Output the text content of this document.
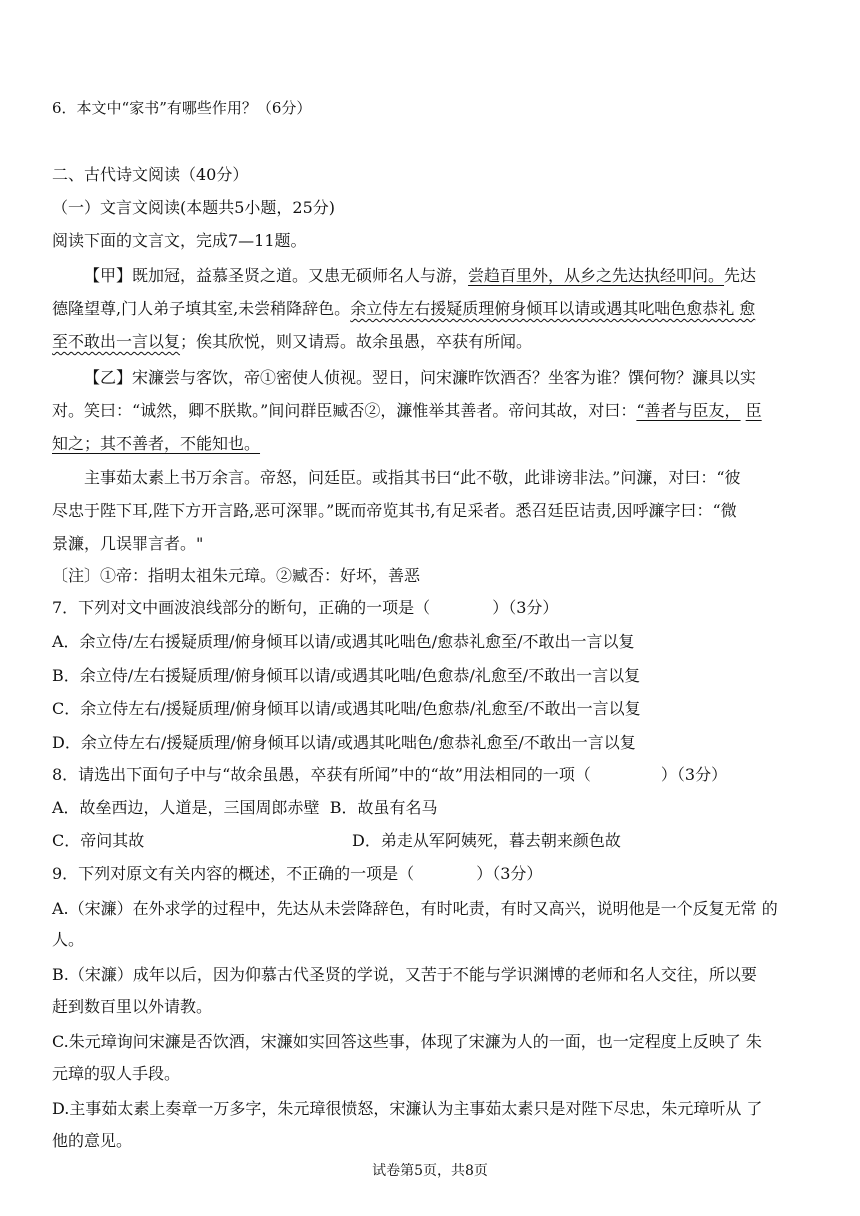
6．本文中“家书”有哪些作用？（6分）
二、古代诗文阅读（40分）
（一）文言文阅读(本题共5小题，25分)
阅读下面的文言文，完成7—11题。
【甲】既加冠，益慕圣贤之道。又患无硕师名人与游，尝趋百里外，从乡之先达执经叩问。先达
德隆望尊,门人弟子填其室,未尝稍降辞色。余立侍左右援疑质理俯身倾耳以请或遇其叱咄色愈恭礼 愈
至不敢出一言以复；俟其欣悦，则又请焉。故余虽愚，卒获有所闻。
【乙】宋濂尝与客饮，帝①密使人侦视。翌日，问宋濂昨饮酒否？坐客为谁？馔何物？濂具以实
对。笑曰：“诚然，卿不朕欺。”间问群臣臧否②，濂惟举其善者。帝问其故，对曰：“善者与臣友， 臣
知之；其不善者，不能知也。
主事茹太素上书万余言。帝怒，问廷臣。或指其书曰“此不敬，此诽谤非法。”问濂，对曰：“彼
尽忠于陛下耳,陛下方开言路,恶可深罪。”既而帝览其书,有足采者。悉召廷臣诘责,因呼濂字曰：“微
景濂，几误罪言者。"
〔注〕①帝：指明太祖朱元璋。②臧否：好坏，善恶
7．下列对文中画波浪线部分的断句，正确的一项是（	）（3分）
A．余立侍/左右援疑质理/俯身倾耳以请/或遇其叱咄色/愈恭礼愈至/不敢出一言以复
B．余立侍/左右援疑质理/俯身倾耳以请/或遇其叱咄/色愈恭/礼愈至/不敢出一言以复
C．余立侍左右/援疑质理/俯身倾耳以请/或遇其叱咄/色愈恭/礼愈至/不敢出一言以复
D．余立侍左右/援疑质理/俯身倾耳以请/或遇其叱咄色/愈恭礼愈至/不敢出一言以复
8．请选出下面句子中与“故余虽愚，卒获有所闻”中的“故”用法相同的一项（	）（3分）
A．故垒西边，人道是，三国周郎赤壁 B．故虽有名马
C．帝问其故	D．弟走从军阿姨死，暮去朝来颜色故
9．下列对原文有关内容的概述，不正确的一项是（	）（3分）
A.（宋濂）在外求学的过程中，先达从未尝降辞色，有时叱责，有时又高兴，说明他是一个反复无常 的
人。
B.（宋濂）成年以后，因为仰慕古代圣贤的学说，又苦于不能与学识渊博的老师和名人交往，所以要
赶到数百里以外请教。
C.朱元璋询问宋濂是否饮酒，宋濂如实回答这些事，体现了宋濂为人的一面，也一定程度上反映了 朱
元璋的驭人手段。
D.主事茹太素上奏章一万多字，朱元璋很愤怒，宋濂认为主事茹太素只是对陛下尽忠，朱元璋听从 了
他的意见。
试卷第5页，共8页
